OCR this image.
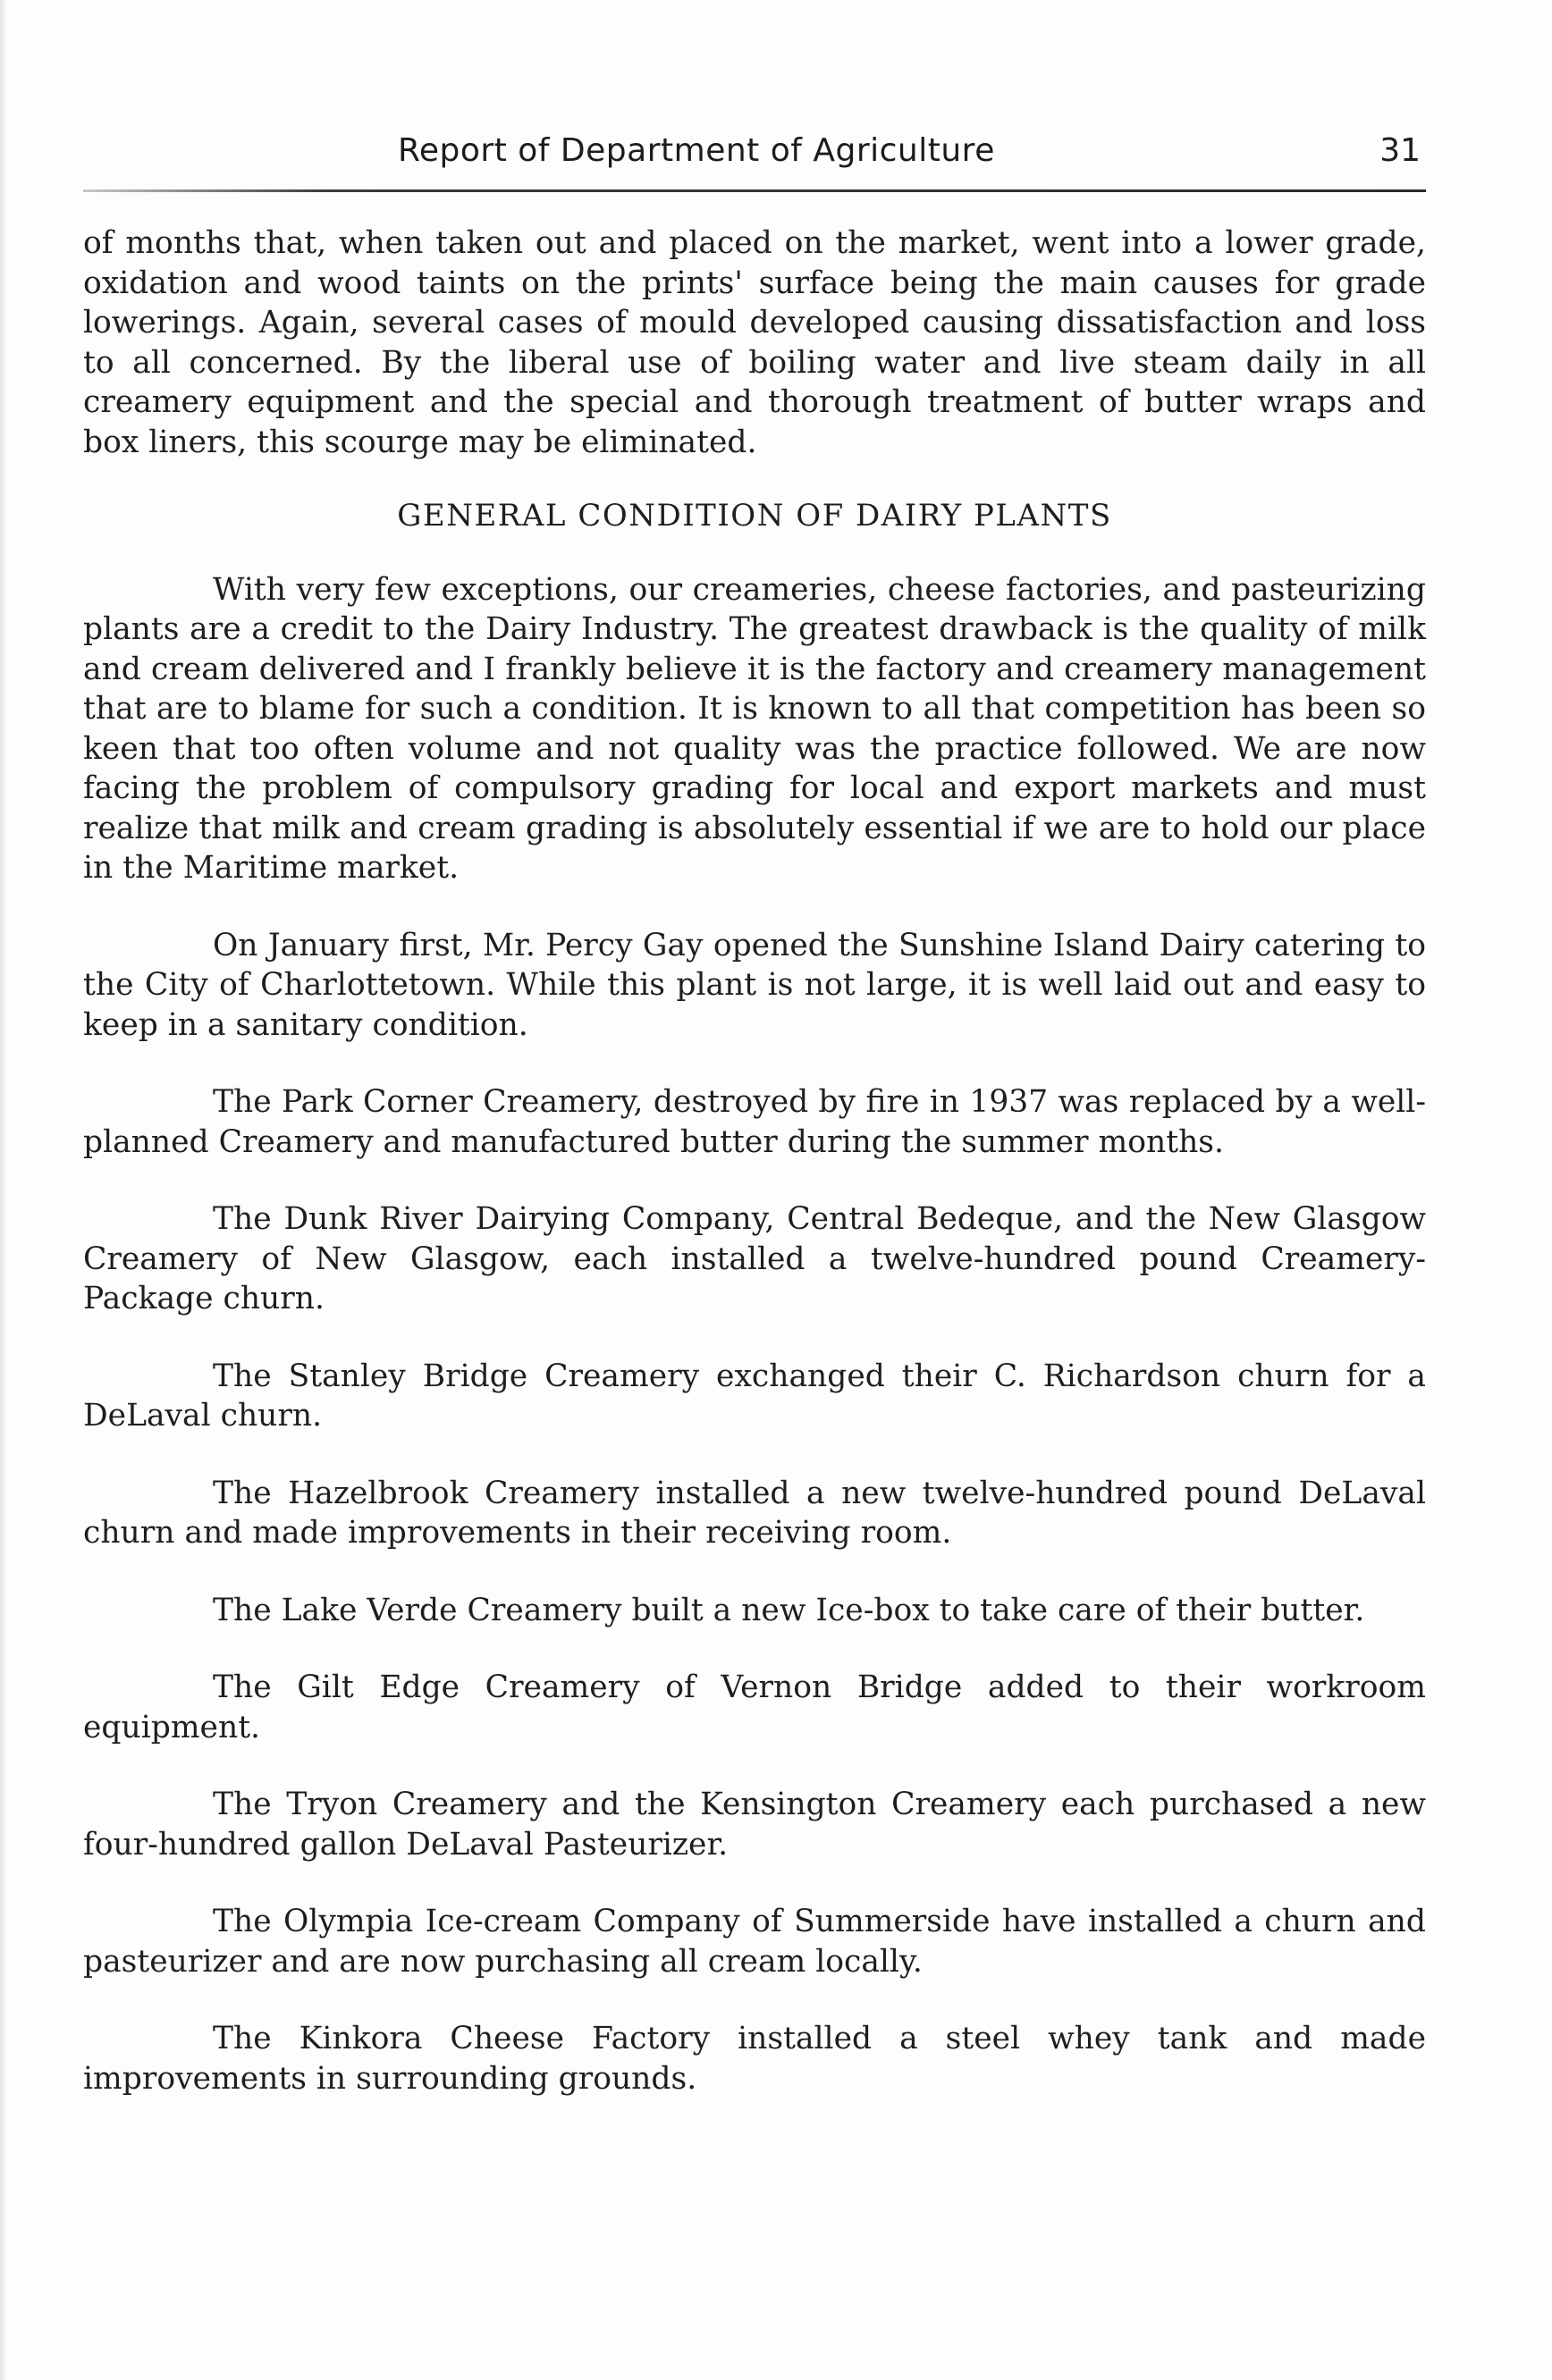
Report of Department of Agriculture	31

of months that, when taken out and placed on the market, went into a lower grade, oxidation and wood taints on the prints' surface being the main causes for grade lowerings. Again, several cases of mould developed causing dissatisfaction and loss to all concerned. By the liberal use of boiling water and live steam daily in all creamery equipment and the special and thorough treatment of butter wraps and box liners, this scourge may be eliminated.

GENERAL CONDITION OF DAIRY PLANTS

With very few exceptions, our creameries, cheese factories, and pasteurizing plants are a credit to the Dairy Industry. The greatest drawback is the quality of milk and cream delivered and I frankly believe it is the factory and creamery management that are to blame for such a condition. It is known to all that competition has been so keen that too often volume and not quality was the practice followed. We are now facing the problem of compulsory grading for local and export markets and must realize that milk and cream grading is absolutely essential if we are to hold our place in the Maritime market.

On January first, Mr. Percy Gay opened the Sunshine Island Dairy catering to the City of Charlottetown. While this plant is not large, it is well laid out and easy to keep in a sanitary condition.

The Park Corner Creamery, destroyed by fire in 1937 was replaced by a well-planned Creamery and manufactured butter during the summer months.

The Dunk River Dairying Company, Central Bedeque, and the New Glasgow Creamery of New Glasgow, each installed a twelve-hundred pound Creamery-Package churn.

The Stanley Bridge Creamery exchanged their C. Richardson churn for a DeLaval churn.

The Hazelbrook Creamery installed a new twelve-hundred pound DeLaval churn and made improvements in their receiving room.

The Lake Verde Creamery built a new Ice-box to take care of their butter.

The Gilt Edge Creamery of Vernon Bridge added to their workroom equipment.

The Tryon Creamery and the Kensington Creamery each purchased a new four-hundred gallon DeLaval Pasteurizer.

The Olympia Ice-cream Company of Summerside have installed a churn and pasteurizer and are now purchasing all cream locally.

The Kinkora Cheese Factory installed a steel whey tank and made improvements in surrounding grounds.
